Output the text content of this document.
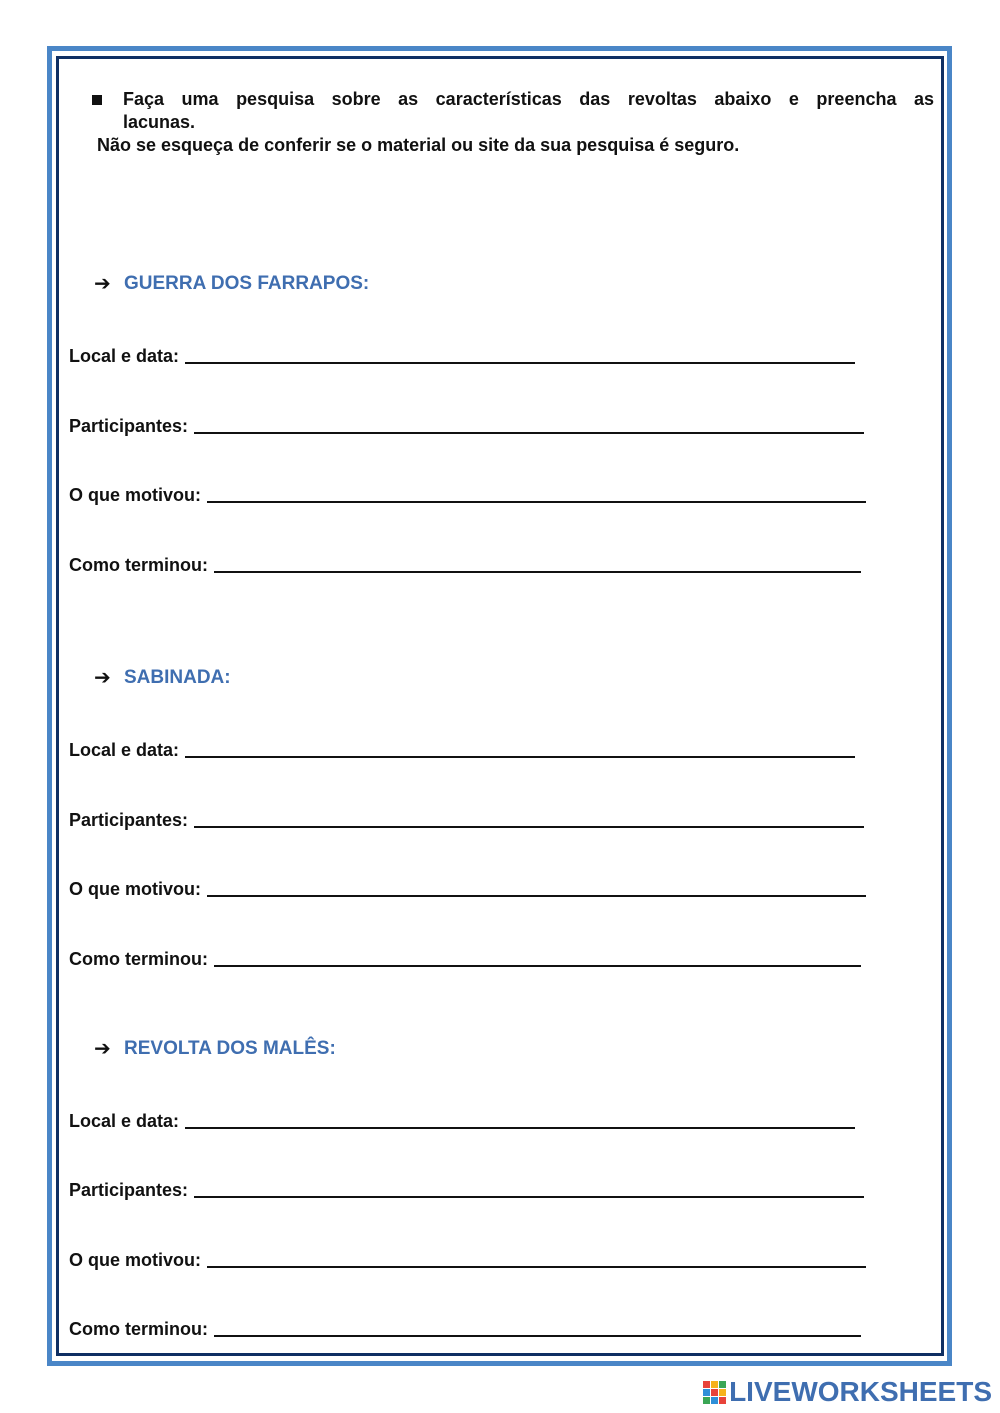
Faça uma pesquisa sobre as características das revoltas abaixo e preencha as
lacunas.
Não se esqueça de conferir se o material ou site da sua pesquisa é seguro.
➔ GUERRA DOS FARRAPOS:
Local e data:
Participantes:
O que motivou:
Como terminou:
➔ SABINADA:
Local e data:
Participantes:
O que motivou:
Como terminou:
➔ REVOLTA DOS MALÊS:
Local e data:
Participantes:
O que motivou:
Como terminou:
LIVE WORKSHEETS
